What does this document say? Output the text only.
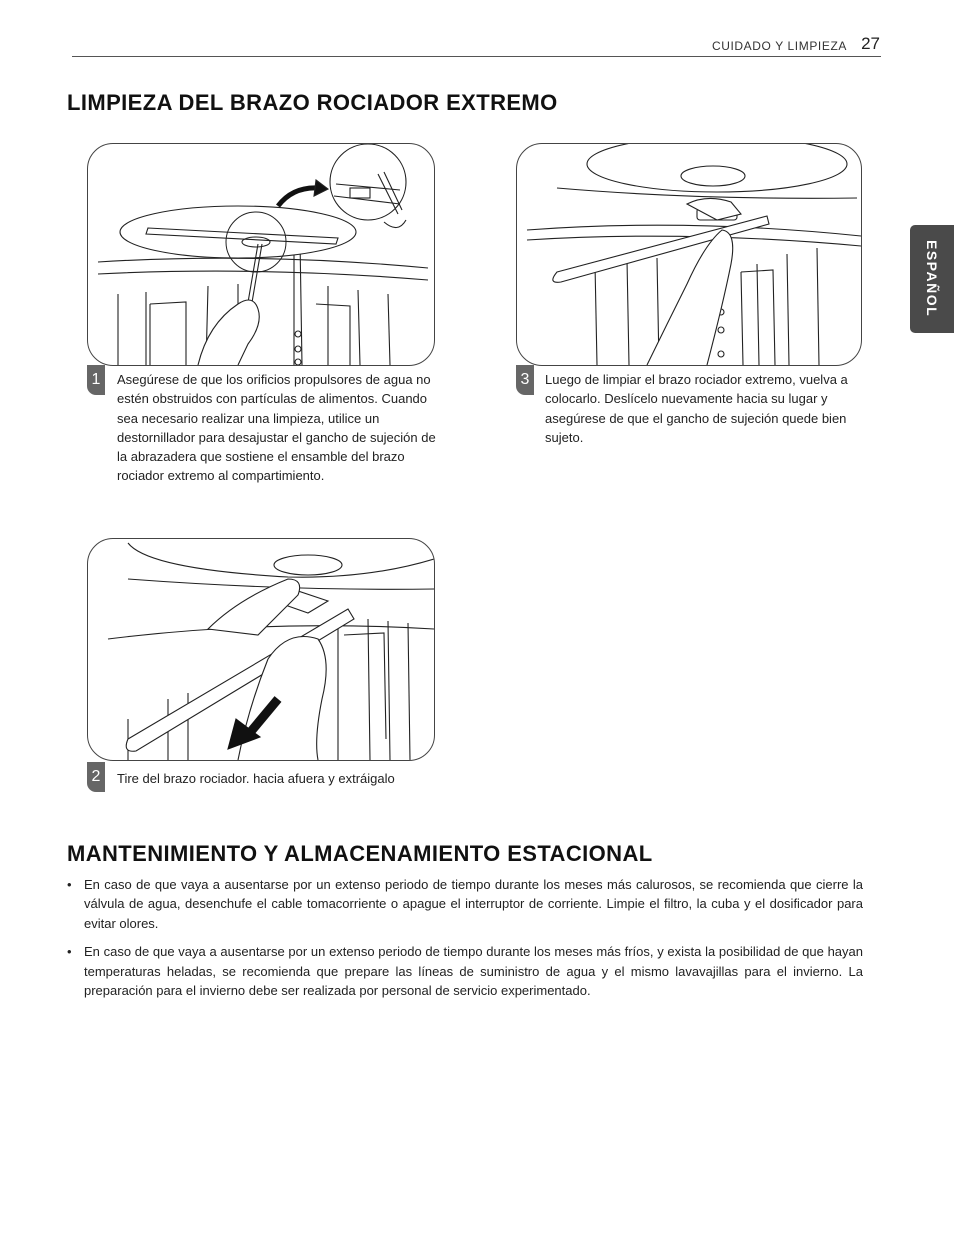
CUIDADO Y LIMPIEZA 27
ESPAÑOL
LIMPIEZA DEL BRAZO ROCIADOR EXTREMO
1	Asegúrese de que los orificios propulsores de agua no estén obstruidos con partículas de alimentos. Cuando sea necesario realizar una limpieza, utilice un destornillador para desajustar el gancho de sujeción de la abrazadera que sostiene el ensamble del brazo rociador extremo al compartimiento.

3	Luego de limpiar el brazo rociador extremo, vuelva a colocarlo. Deslícelo nuevamente hacia su lugar y asegúrese de que el gancho de sujeción quede bien sujeto.

2	Tire del brazo rociador. hacia afuera y extráigalo

MANTENIMIENTO Y ALMACENAMIENTO ESTACIONAL
• En caso de que vaya a ausentarse por un extenso periodo de tiempo durante los meses más calurosos, se recomienda que cierre la válvula de agua, desenchufe el cable tomacorriente o apague el interruptor de corriente. Limpie el filtro, la cuba y el dosificador para evitar olores.
• En caso de que vaya a ausentarse por un extenso periodo de tiempo durante los meses más fríos, y exista la posibilidad de que hayan temperaturas heladas, se recomienda que prepare las líneas de suministro de agua y el mismo lavavajillas para el invierno. La preparación para el invierno debe ser realizada por personal de servicio experimentado.
